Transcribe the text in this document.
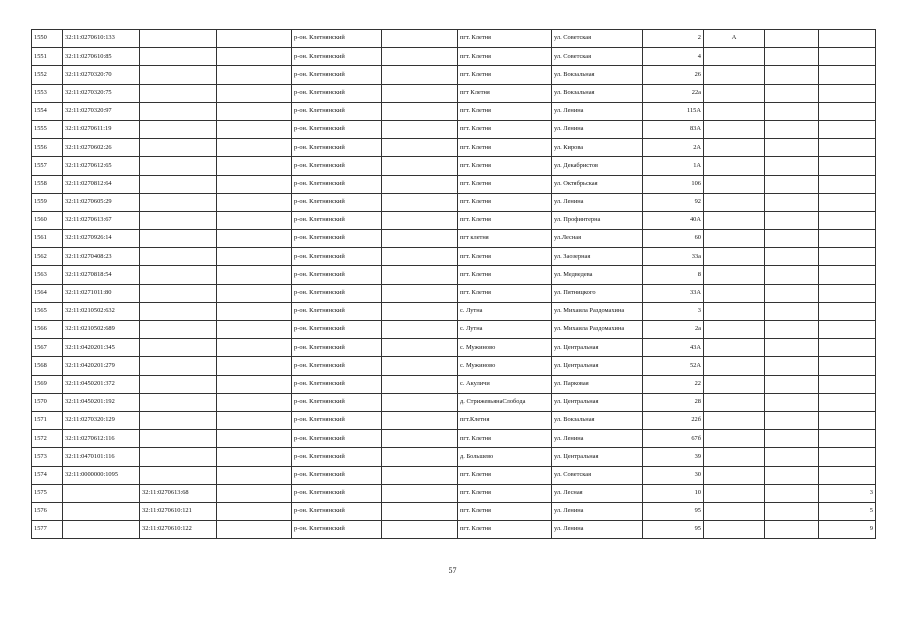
1550	32:11:0270610:133			р-он. Клетнянский		пгт. Клетня	ул. Советская	2	А		
1551	32:11:0270610:85			р-он. Клетнянский		пгт. Клетня	ул. Советская	4			
1552	32:11:0270320:70			р-он. Клетнянский		пгт. Клетня	ул. Вокзальная	26			
1553	32:11:0270320:75			р-он. Клетнянский		пгт Клетня	ул. Вокзальная	22а			
1554	32:11:0270320:97			р-он. Клетнянский		пгт. Клетня	ул. Ленина	115А			
1555	32:11:0270611:19			р-он. Клетнянский		пгт. Клетня	ул. Ленина	83А			
1556	32:11:0270602:26			р-он. Клетнянский		пгт. Клетня	ул. Кирова	2А			
1557	32:11:0270612:65			р-он. Клетнянский		пгт. Клетня	ул. Декабристов	1А			
1558	32:11:0270812:64			р-он. Клетнянский		пгт. Клетня	ул. Октябрьская	106			
1559	32:11:0270605:29			р-он. Клетнянский		пгт. Клетня	ул. Ленина	92			
1560	32:11:0270613:67			р-он. Клетнянский		пгт. Клетня	ул. Профинтерна	40А			
1561	32:11:0270926:14			р-он. Клетнянский		пгт клетня	ул.Лесная	60			
1562	32:11:0270408:23			р-он. Клетнянский		пгт. Клетня	ул. Заозерная	33а			
1563	32:11:0270818:54			р-он. Клетнянский		пгт. Клетня	ул. Медведева	8			
1564	32:11:0271011:80			р-он. Клетнянский		пгт. Клетня	ул. Пятницкого	33А			
1565	32:11:0210502:632			р-он. Клетнянский		с. Лутна	ул. Михаила Раздомахина	3			
1566	32:11:0210502:689			р-он. Клетнянский		с. Лутна	ул. Михаила Раздомахина	2а			
1567	32:11:0420201:345			р-он. Клетнянский		с. Мужиново	ул. Центральная	43А			
1568	32:11:0420201:279			р-он. Клетнянский		с. Мужиново	ул. Центральная	52А			
1569	32:11:0450201:372			р-он. Клетнянский		с. Акуличи	ул. Парковая	22			
1570	32:11:0450201:192			р-он. Клетнянский		д. СтрижевьянаСлобода	ул. Центральная	28			
1571	32:11:0270320:129			р-он. Клетнянский		пгт.Клетня	ул. Вокзальная	22б			
1572	32:11:0270612:116			р-он. Клетнянский		пгт. Клетня	ул. Ленина	67б			
1573	32:11:0470101:116			р-он. Клетнянский		д. Большево	ул. Центральная	39			
1574	32:11:0000000:1095			р-он. Клетнянский		пгт. Клетня	ул. Советская	30			
1575		32:11:0270613:68		р-он. Клетнянский		пгт. Клетня	ул. Лесная	10			3
1576		32:11:0270610:121		р-он. Клетнянский		пгт. Клетня	ул. Ленина	95			5
1577		32:11:0270610:122		р-он. Клетнянский		пгт. Клетня	ул. Ленина	95			9
57
